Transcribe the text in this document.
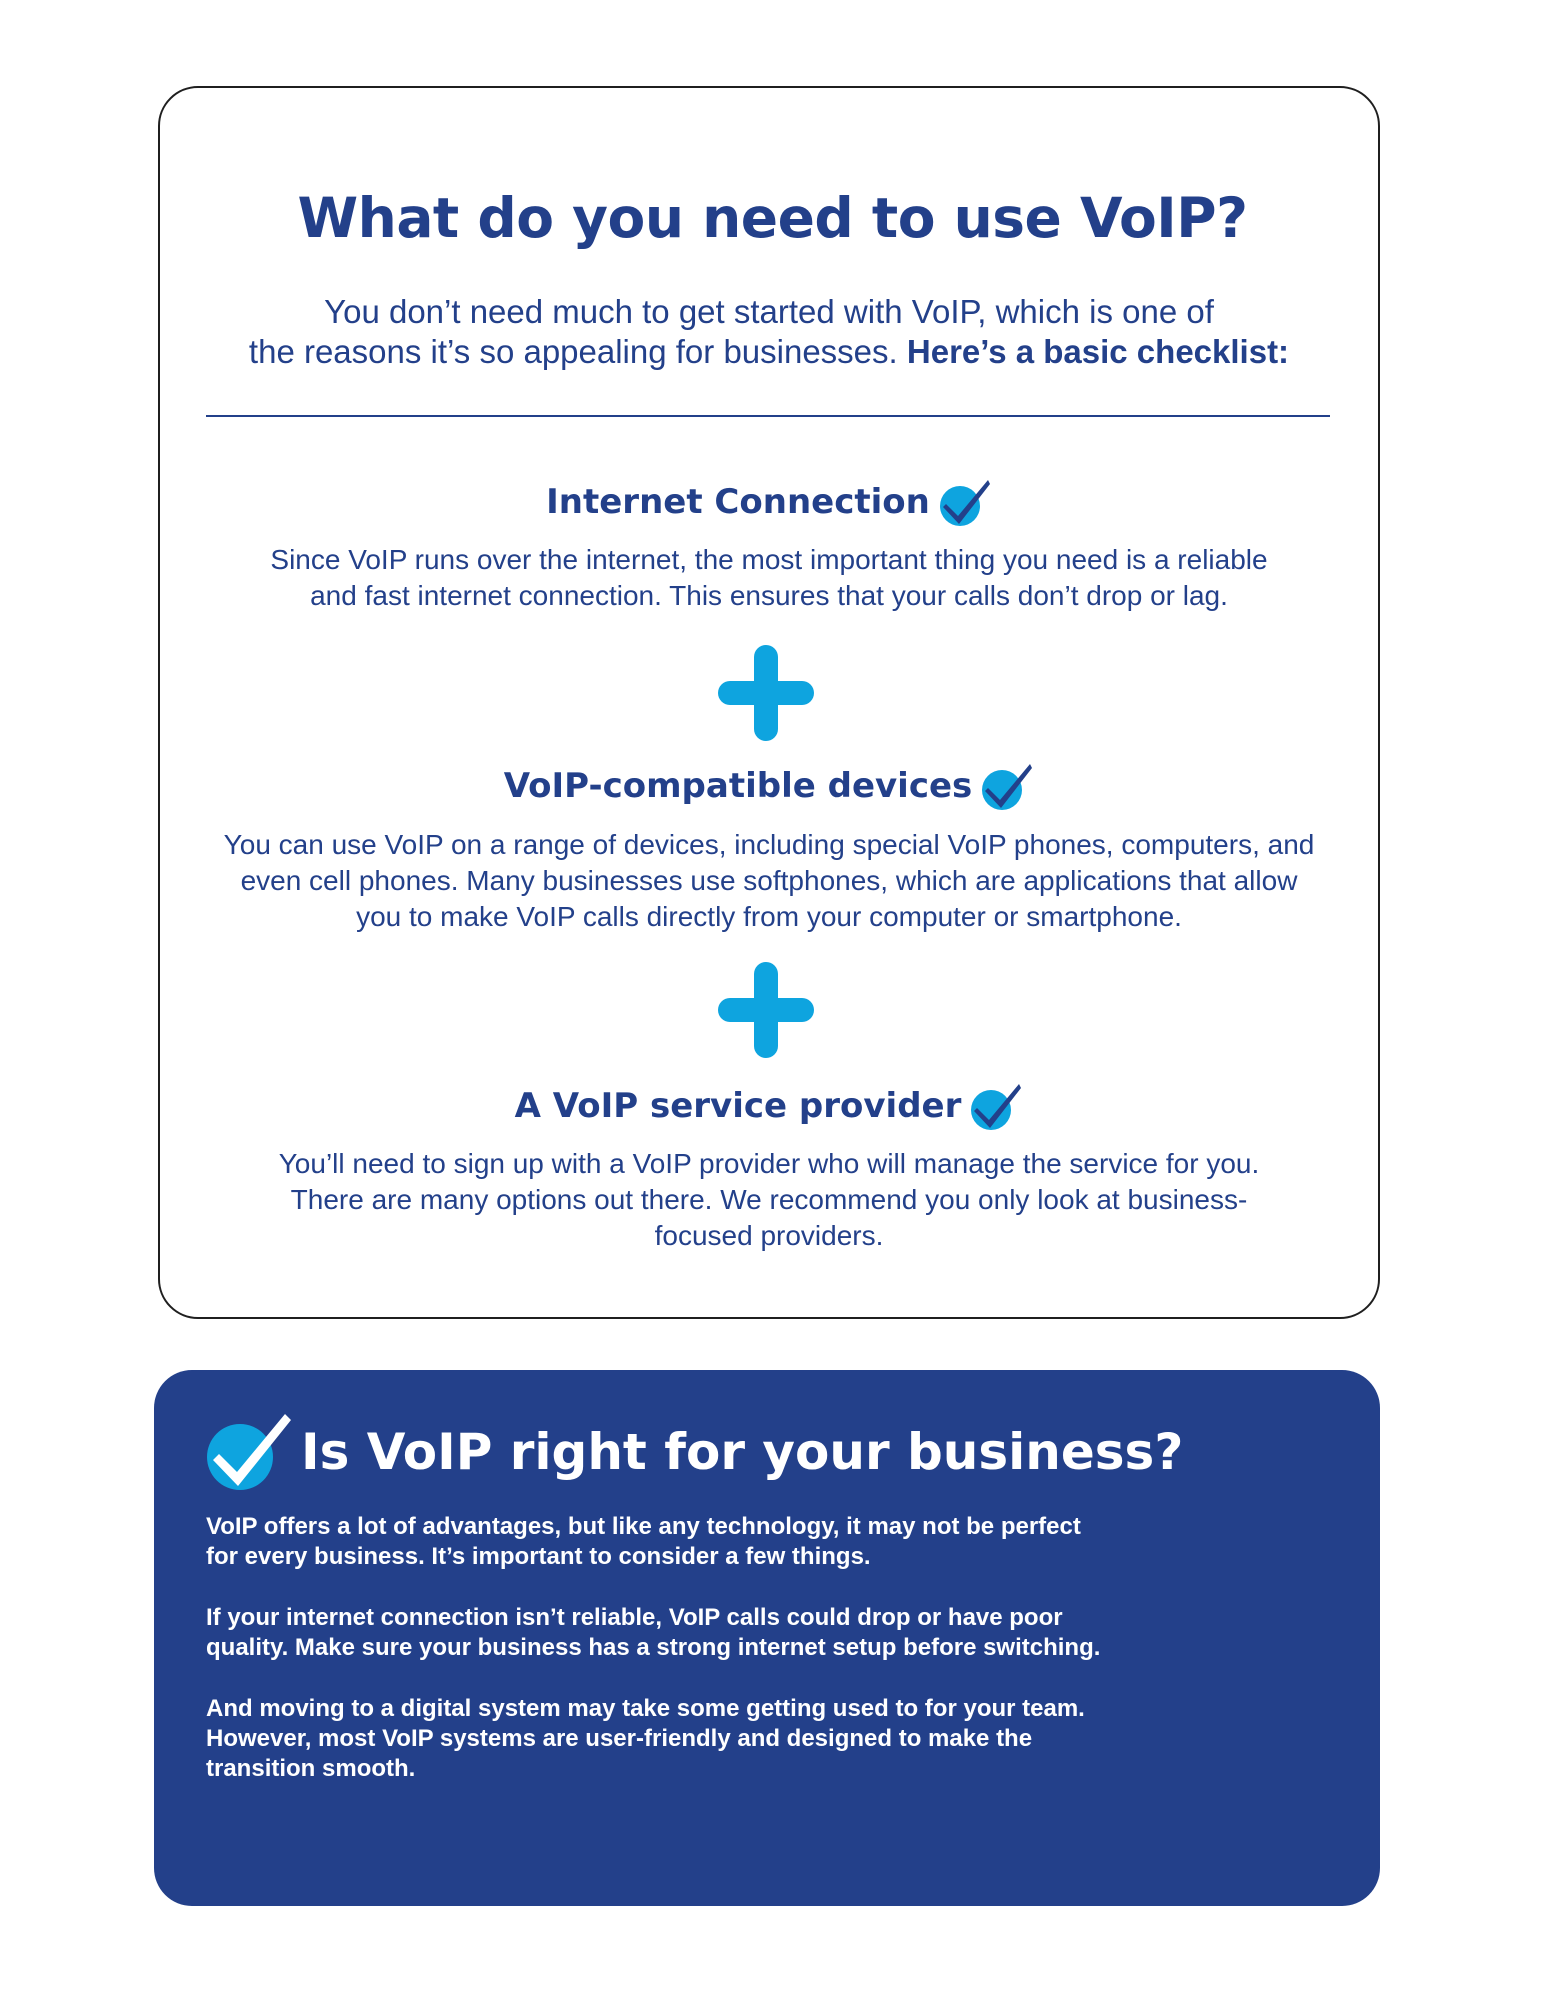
What do you need to use VoIP?
You don’t need much to get started with VoIP, which is one of
the reasons it’s so appealing for businesses. Here’s a basic checklist:
Internet Connection
Since VoIP runs over the internet, the most important thing you need is a reliable
and fast internet connection. This ensures that your calls don’t drop or lag.
VoIP-compatible devices
You can use VoIP on a range of devices, including special VoIP phones, computers, and
even cell phones. Many businesses use softphones, which are applications that allow
you to make VoIP calls directly from your computer or smartphone.
A VoIP service provider
You’ll need to sign up with a VoIP provider who will manage the service for you.
There are many options out there. We recommend you only look at business-
focused providers.
Is VoIP right for your business?
VoIP offers a lot of advantages, but like any technology, it may not be perfect
for every business. It’s important to consider a few things.
If your internet connection isn’t reliable, VoIP calls could drop or have poor
quality. Make sure your business has a strong internet setup before switching.
And moving to a digital system may take some getting used to for your team.
However, most VoIP systems are user-friendly and designed to make the
transition smooth.
